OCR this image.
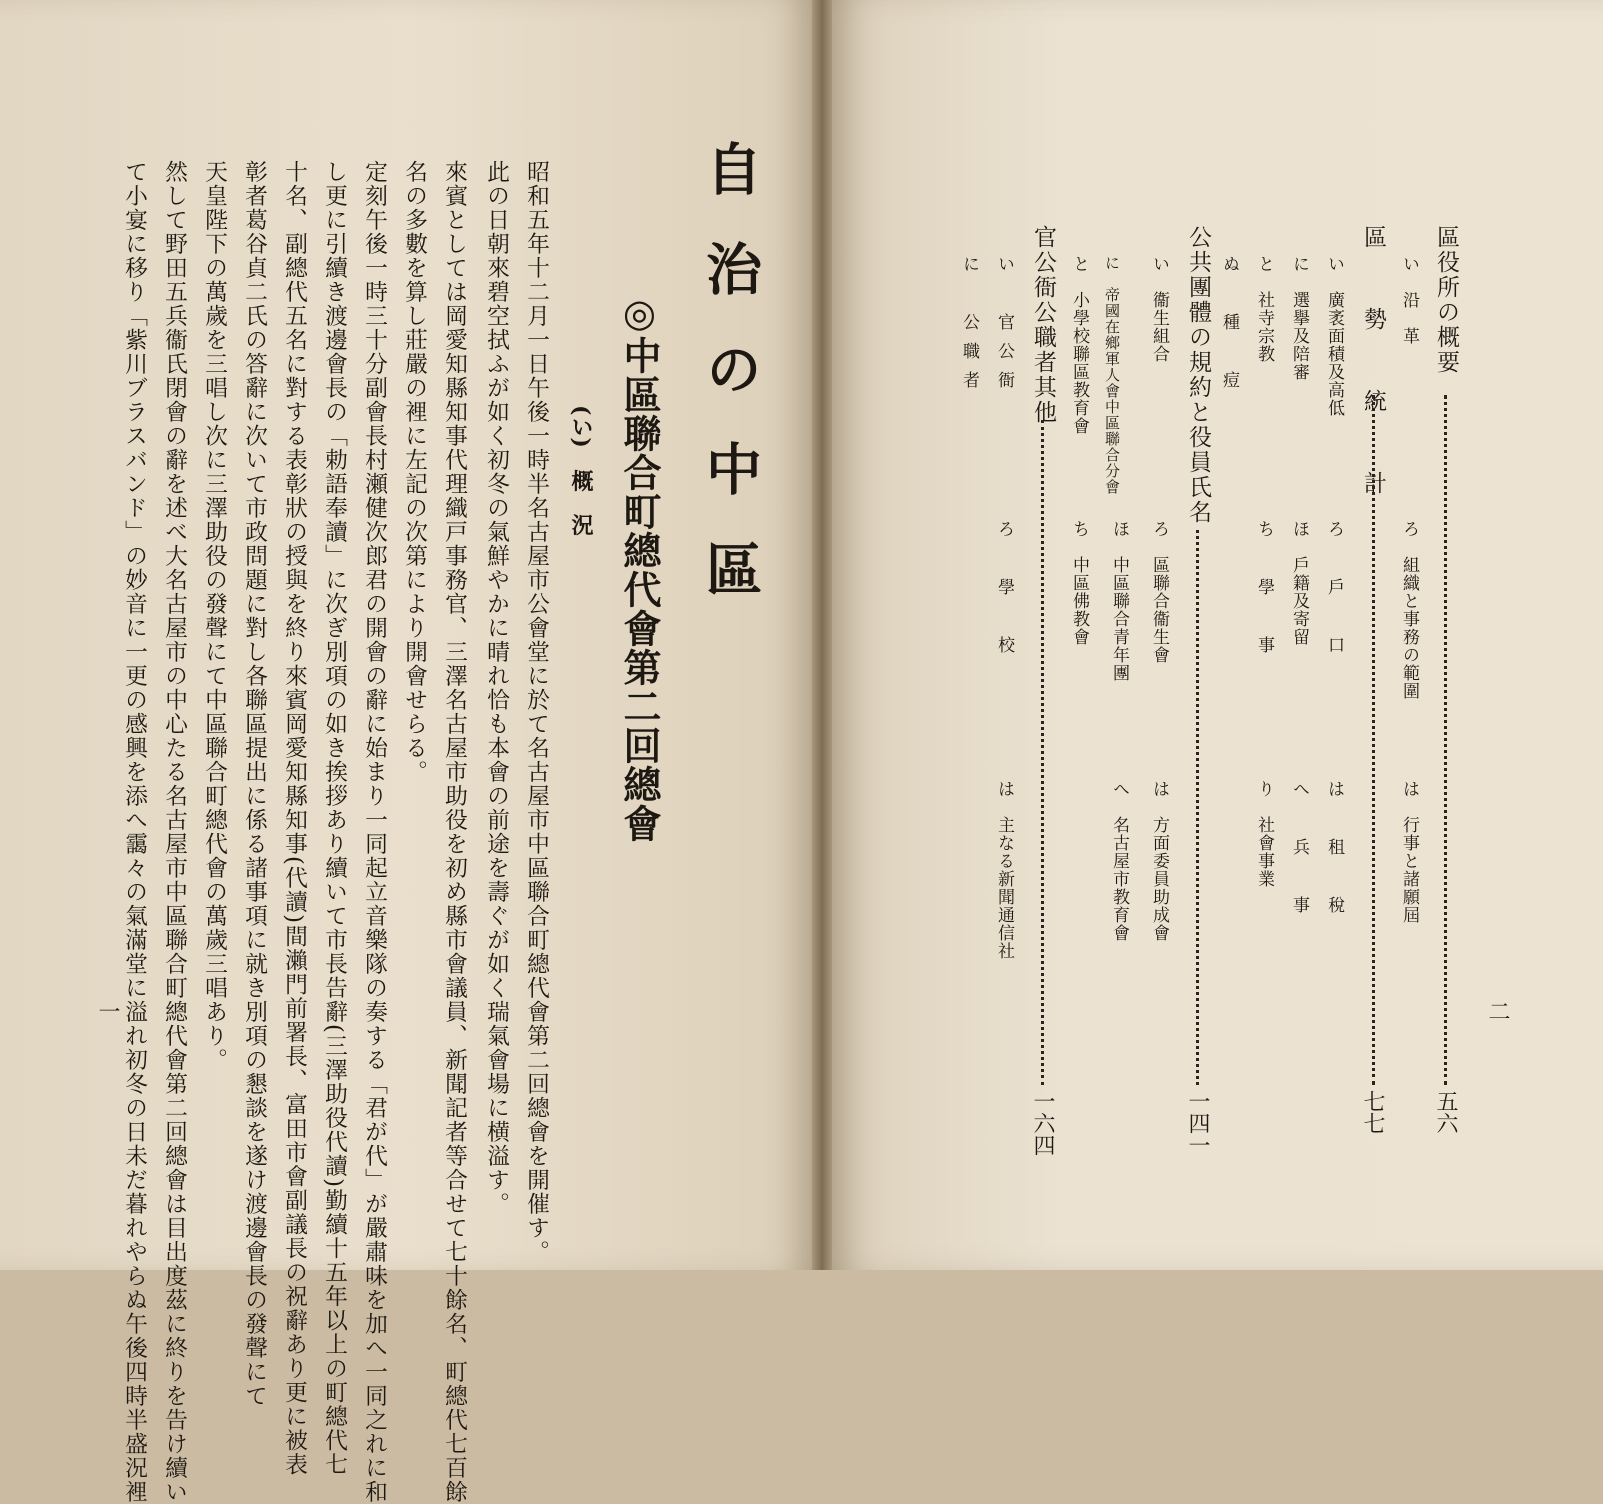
自治の中區
◎中區聯合町總代會第二回總會
(い)　概　況

昭和五年十二月一日午後一時半名古屋市公會堂に於て名古屋市中區聯合町總代會第二回總會を開催す。

此の日朝來碧空拭ふが如く初冬の氣鮮やかに晴れ恰も本會の前途を壽ぐが如く瑞氣會場に横溢す。

來賓としては岡愛知縣知事代理織戸事務官、三澤名古屋市助役を初め縣市會議員、新聞記者等合せて七十餘名、町總代七百餘

名の多數を算し莊嚴の裡に左記の次第により開會せらる。

定刻午後一時三十分副會長村瀬健次郎君の開會の辭に始まり一同起立音樂隊の奏する「君が代」が嚴肅味を加へ一同之れに和

し更に引續き渡邊會長の「勅語奉讀」に次ぎ別項の如き挨拶あり續いて市長告辭(三澤助役代讀)勤續十五年以上の町總代七

十名、副總代五名に對する表彰狀の授與を終り來賓岡愛知縣知事(代讀)間瀨門前署長、富田市會副議長の祝辭あり更に被表

彰者葛谷貞二氏の答辭に次いて市政問題に對し各聯區提出に係る諸事項に就き別項の懇談を遂け渡邊會長の發聲にて

天皇陛下の萬歲を三唱し次に三澤助役の發聲にて中區聯合町總代會の萬歲三唱あり。

然して野田五兵衞氏閉會の辭を述べ大名古屋市の中心たる名古屋市中區聯合町總代會第二回總會は目出度茲に終りを告け續い

て小宴に移り「紫川ブラスバンド」の妙音に一更の感興を添へ靄々の氣滿堂に溢れ初冬の日未だ暮れやらぬ午後四時半盛況裡

一	二
區役所の概要
五六
い　沿　革
ろ　組織と事務の範圍
は　行事と諸願屆
區　勢　統　計
七七
い　廣袤面積及高低
ろ　戶　口
は　租　稅
に　選擧及陪審
ほ　戶籍及寄留
へ　兵　事
と　社寺宗教
ち　學　事
り　社會事業
ぬ　種　痘
公共團體の規約と役員氏名
一四一
い　衞生組合
ろ　區聯合衞生會
は　方面委員助成會
に　帝國在鄉軍人會中區聯合分會
ほ　中區聯合青年團
へ　名古屋市教育會
と　小學校聯區教育會
ち　中區佛教會
官公衙公職者其他
一六四
い　官公衙
ろ　學　校
は　主なる新聞通信社
に　公職者
